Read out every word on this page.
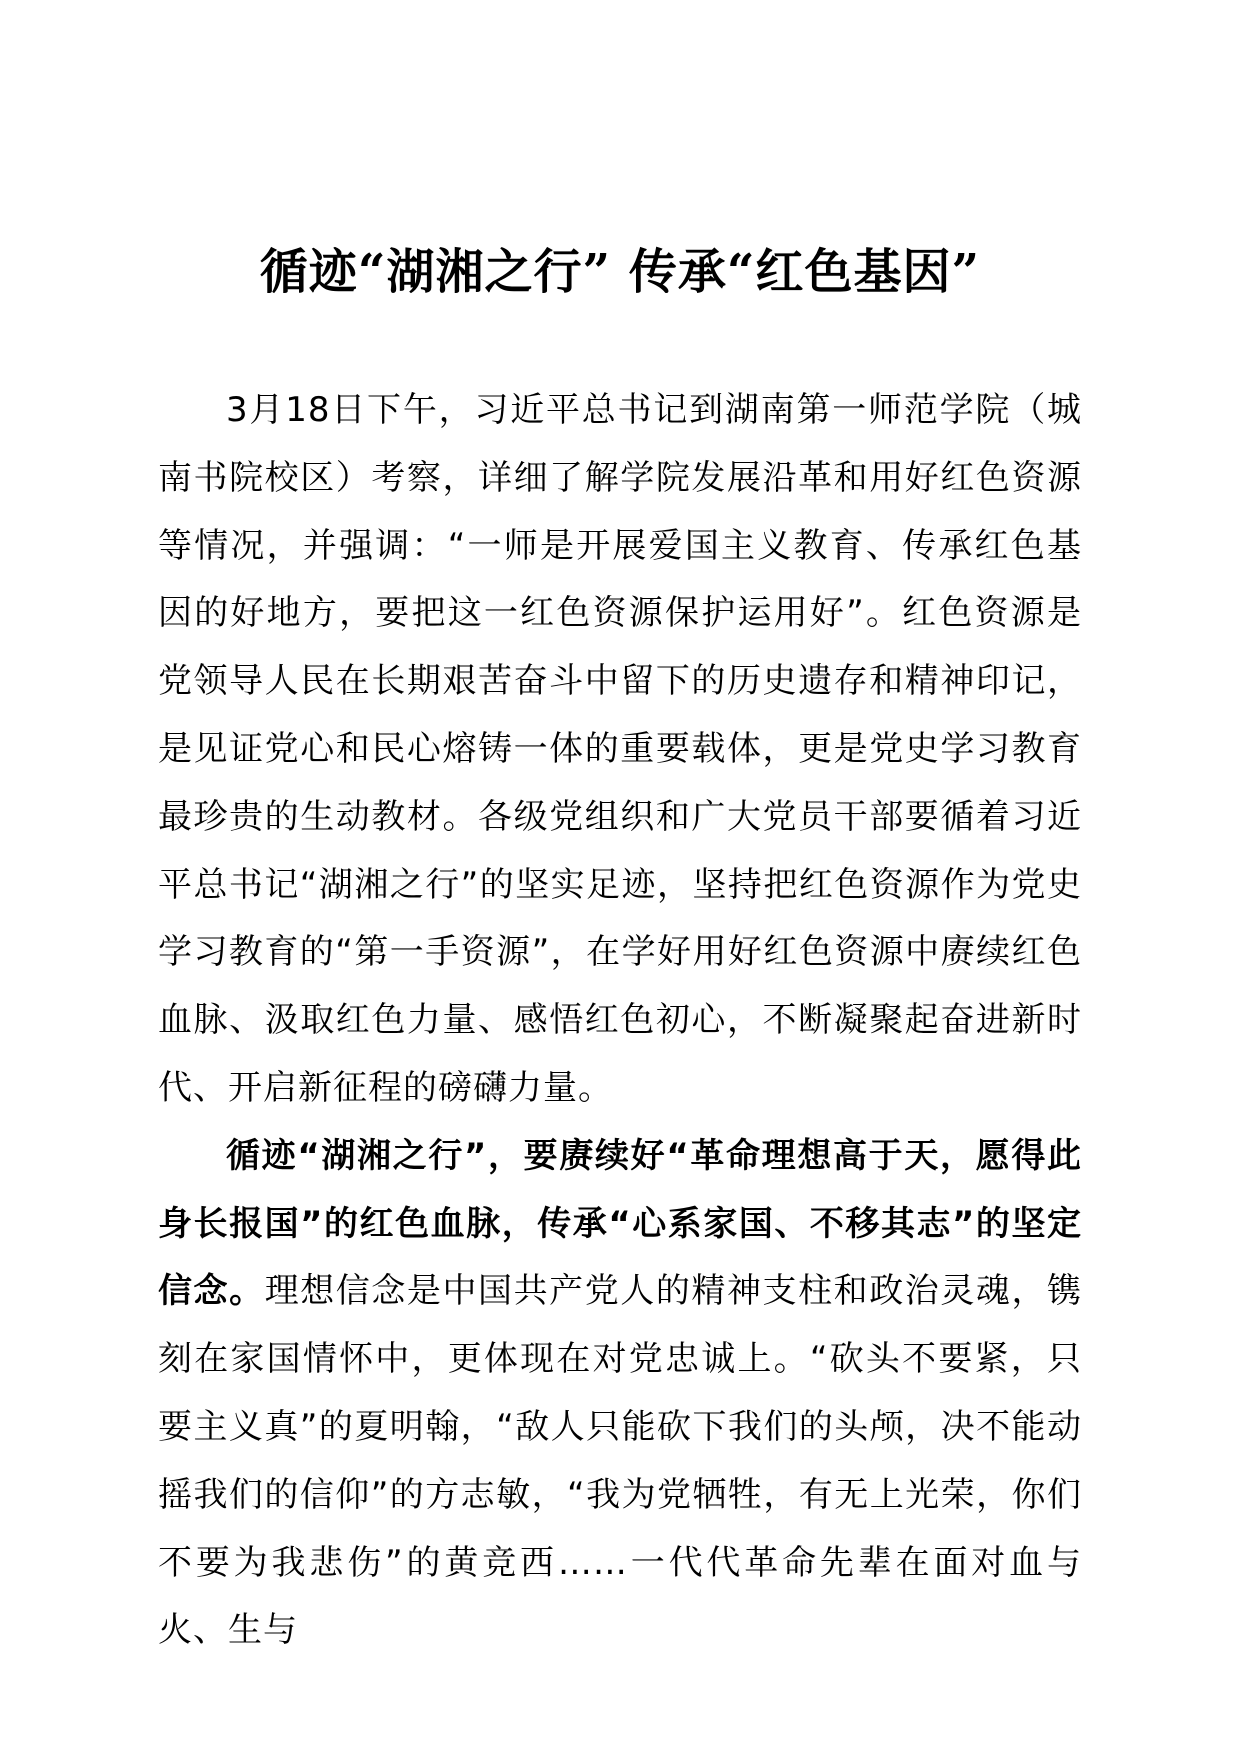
循迹“湖湘之行” 传承“红色基因”

3月18日下午，习近平总书记到湖南第一师范学院（城南书院校区）考察，详细了解学院发展沿革和用好红色资源等情况，并强调：“一师是开展爱国主义教育、传承红色基因的好地方，要把这一红色资源保护运用好”。红色资源是党领导人民在长期艰苦奋斗中留下的历史遗存和精神印记，是见证党心和民心熔铸一体的重要载体，更是党史学习教育最珍贵的生动教材。各级党组织和广大党员干部要循着习近平总书记“湖湘之行”的坚实足迹，坚持把红色资源作为党史学习教育的“第一手资源”，在学好用好红色资源中赓续红色血脉、汲取红色力量、感悟红色初心，不断凝聚起奋进新时代、开启新征程的磅礴力量。

循迹“湖湘之行”，要赓续好“革命理想高于天，愿得此身长报国”的红色血脉，传承“心系家国、不移其志”的坚定信念。理想信念是中国共产党人的精神支柱和政治灵魂，镌刻在家国情怀中，更体现在对党忠诚上。“砍头不要紧，只要主义真”的夏明翰，“敌人只能砍下我们的头颅，决不能动摇我们的信仰”的方志敏，“我为党牺牲，有无上光荣，你们不要为我悲伤”的黄竞西……一代代革命先辈在面对血与火、生与
